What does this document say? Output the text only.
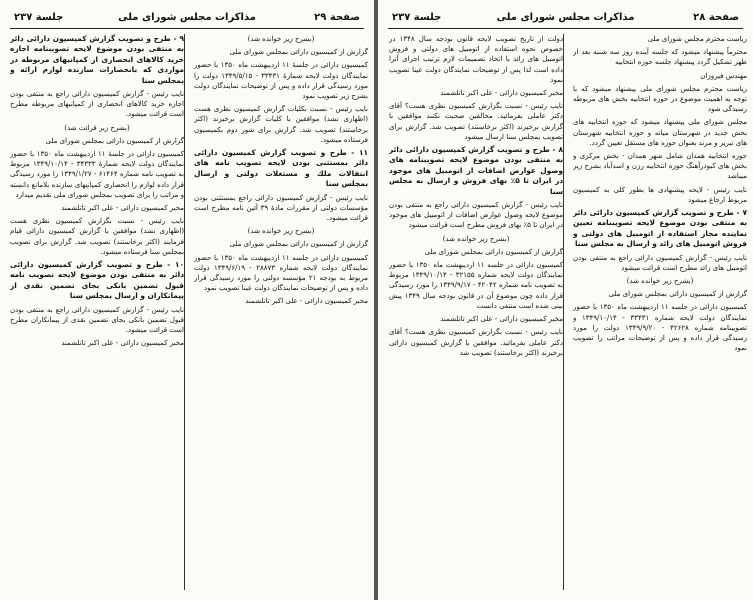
صفحة ۲۹
مذاكرات مجلس شوراى ملى
جلسة ۲۳۷
(بشرح زير خوانده شد)
گزارش از كميسيون دارائى بمجلس شوراى ملى
كميسيون دارائى در جلسهٔ ۱۱ ارديبهشت ماه ۱۳۵۰ با حضور نمايندگان دولت لايحه شمارهٔ ۳۳۴۳۱ - ۱۳۴۹/۵/۱۵ دولت را مورد رسيدگى قرار داده و پس از توضيحات نمايندگان دولت بشرح زير تصويب نمود
نايب رئيس - نسبت بكليات گزارش كميسيون نظرى هست (اظهارى نشد) موافقين با كليات گزارش برخيزند (اكثر برخاستند) تصويب شد. گزارش براى شور دوم بكميسيون فرستاده ميشود.
۱۱ - طرح و تصويب گزارش كميسيون دارائى دائر بمستثنى بودن لايحه تصويب نامه هاى انتقالات ملك و مستغلات دولتى و ارسال بمجلس سنا
نايب رئيس - گزارش كميسيون دارائى راجع بمستثنى بودن مؤسسات دولتى از مقررات مادهٔ ۳۹ آئين نامه مطرح است قرائت ميشود.
(بشرح زير خوانده شد)
گزارش از كميسيون دارائى بمجلس شوراى ملى
كميسيون دارائى در جلسه ۱۱ ارديبهشت ماه ۱۳۵۰ با حضور نمايندگان دولت لايحه شماره ۲۸۸۷۳ - ۱۳۴۹/۶/۱۹ دولت مربوط به بودجه ۲۱ مؤسسه دولتى را مورد رسيدگى قرار داده و پس از توضيحات نمايندگان دولت عينا تصويب نمود
مخبر كميسيون دارائى - على اكبر تاتلشمند
۹ - طرح و تصويب گزارش كميسيون دارائى دائر به منتفى بودن موضوع لايحه تصويبنامه اجازه خريد كالاهاى انحصارى از كمپانيهاى مربوطه در مواردى كه بانحصارات سازنده لوازم ارائه و بمجلس سنا
نايب رئيس - گزارش كميسيون دارائى راجع به منتفى بودن اجازه خريد كالاهاى انحصارى از كمپانيهاى مربوطه مطرح است قرائت ميشود.
(بشرح زير قرائت شد)
گزارش از كميسيون دارائى بمجلس شوراى ملى
كميسيون دارائى در جلسهٔ ۱۱ ارديبهشت ماه ۱۳۵۰ با حضور نمايندگان دولت لايحه شمارهٔ ۳۴۳۳۳ - ۱۳۴۹/۱۰/۱۴ مربوط به تصويب نامه شماره ۶۱۴۶۴ - ۱۳۴۹/۱/۲۷ را مورد رسيدگى قرار داده لوازم را انحصارى كمپانيهاى سازنده بلامانع دانسته و مراتب را براى تصويب بمجلس شوراى ملى تقديم ميدارد
مخبر كميسيون دارائى - على اكبر تاتلشمند
نايب رئيس - نسبت بگزارش كميسيون نظرى هست (اظهارى نشد) موافقين با گزارش كميسيون دارائى قيام فرمايند (اكثر برخاستند) تصويب شد. گزارش براى تصويب بمجلس سنا فرستاده ميشود.
۱۰ - طرح و تصويب گزارش كميسيون دارائى دائر به منتفى بودن موضوع لايحه تصويب نامه قبول تضمين بانكى بجاى تضمين نقدى از پيمانكاران و ارسال بمجلس سنا
نايب رئيس - گزارش كميسيون دارائى راجع به منتفى بودن قبول تضمين بانكى بجاى تضمين نقدى از پيمانكاران مطرح است قرائت ميشود.
مخبر كميسيون دارائى - على اكبر تاتلشمند
صفحة ۲۸
مذاكرات مجلس شوراى ملى
جلسة ۲۳۷
رياست محترم مجلس شوراى ملى
محترماً پيشنهاد ميشود كه جلسه آينده روز سه شنبه بعد از ظهر تشكيل گردد پيشنهاد جلسه حوزه انتخابيه
مهندس فيروزان
رياست محترم مجلس شوراى ملى پيشنهاد ميشود كه با توجه به اهميت موضوع در حوزه انتخابيه بخش هاى مربوطه رسيدگى شود
مجلس شوراى ملى پيشنهاد ميشود كه حوزه انتخابيه هاى بخش جديد در شهرستان ميانه و حوزه انتخابيه شهرستان هاى تبريز و مرند بعنوان حوزه هاى مستقل تعيين گردد.
حوزه انتخابيه همدان شامل شهر همدان - بخش مركزى و بخش هاى كبودرآهنگ حوزه انتخابيه رزن و اسدآباد بشرح زير ميباشد
نايب رئيس - لايحه پيشنهادى ها بطور كلى به كميسيون مربوط ارجاع ميشود
۷ - طرح و تصويب گزارش كميسيون دارائى دائر به منتفى بودن موضوع لايحه تصويبنامه تعيين نماينده مجاز استفاده از اتومبيل هاى دولتى و فروش اتومبيل هاى زائد و ارسال به مجلس سنا
نايب رئيس - گزارش كميسيون دارائى راجع به منتفى بودن اتومبيل هاى زائد مطرح است قرائت ميشود
(بشرح زير خوانده شد)
گزارش از كميسيون دارائى بمجلس شوراى ملى
كميسيون دارائى در جلسه ۱۱ ارديبهشت ماه ۱۳۵۰ با حضور نمايندگان دولت لايحه شماره ۳۳۴۳۱ - ۱۳۴۹/۱۰/۱۴ و تصويبنامه شماره ۴۲۶۲۸ - ۱۳۴۹/۹/۲۰ دولت را مورد رسيدگى قرار داده و پس از توضيحات مراتب را تصويب نمود
دولت از تاريخ تصويب لايحه قانون بودجه سال ۱۳۴۸ در خصوص نحوه استفاده از اتومبيل هاى دولتى و فروش اتومبيل هاى زائد با اتخاذ تصميمات لازم ترتيب اجراى آنرا داده است لذا پس از توضيحات نمايندگان دولت عينا تصويب نمود
مخبر كميسيون دارائى - على اكبر تاتلشمند
نايب رئيس - نسبت بگزارش كميسيون نظرى هست؟ آقاى دكتر عاملى بفرمائيد. مخالفين صحبت نكنند موافقين با گزارش برخيزند (اكثر برخاستند) تصويب شد. گزارش براى تصويب بمجلس سنا ارسال ميشود
۸ - طرح و تصويب گزارش كميسيون دارائى دائر به منتفى بودن موضوع لايحه تصويبنامه هاى وصول عوارض اضافات از اتومبيل هاى موجود در ايران تا ۵٪ بهاى فروش و ارسال به مجلس سنا
نايب رئيس - گزارش كميسيون دارائى راجع به منتفى بودن موضوع لايحه وصول عوارض اضافات از اتومبيل هاى موجود در ايران تا ۵٪ بهاى فروش مطرح است قرائت ميشود
(بشرح زير خوانده شد)
گزارش از كميسيون دارائى بمجلس شوراى ملى
كميسيون دارائى در جلسه ۱۱ ارديبهشت ماه ۱۳۵۰ با حضور نمايندگان دولت لايحه شماره ۳۲۱۵۵ - ۱۳۴۹/۱۰/۱۴ مربوط به تصويب نامه شماره ۴۲۰۴۲ - ۱۳۴۹/۹/۱۷ را مورد رسيدگى قرار داده چون موضوع آن در قانون بودجه سال ۱۳۴۹ پيش بينى شده است منتفى دانست
مخبر كميسيون دارائى - على اكبر تاتلشمند
نايب رئيس - نسبت بگزارش كميسيون نظرى هست؟ آقاى دكتر عاملى بفرمائيد. موافقين با گزارش كميسيون دارائى برخيزند (اكثر برخاستند) تصويب شد
